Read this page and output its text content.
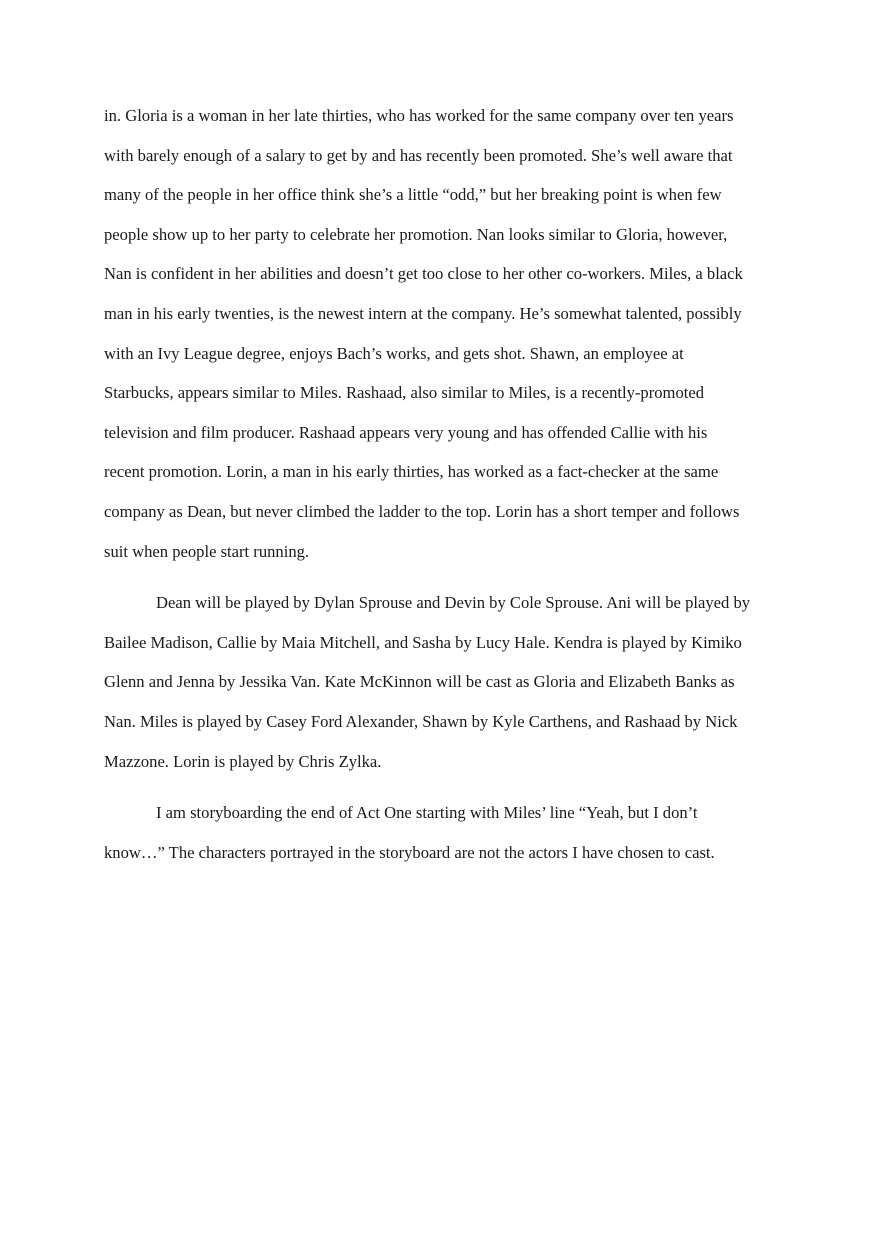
in. Gloria is a woman in her late thirties, who has worked for the same company over ten years
with barely enough of a salary to get by and has recently been promoted. She’s well aware that
many of the people in her office think she’s a little “odd,” but her breaking point is when few
people show up to her party to celebrate her promotion. Nan looks similar to Gloria, however,
Nan is confident in her abilities and doesn’t get too close to her other co-workers. Miles, a black
man in his early twenties, is the newest intern at the company. He’s somewhat talented, possibly
with an Ivy League degree, enjoys Bach’s works, and gets shot. Shawn, an employee at
Starbucks, appears similar to Miles. Rashaad, also similar to Miles, is a recently-promoted
television and film producer. Rashaad appears very young and has offended Callie with his
recent promotion. Lorin, a man in his early thirties, has worked as a fact-checker at the same
company as Dean, but never climbed the ladder to the top. Lorin has a short temper and follows
suit when people start running.
Dean will be played by Dylan Sprouse and Devin by Cole Sprouse. Ani will be played by
Bailee Madison, Callie by Maia Mitchell, and Sasha by Lucy Hale. Kendra is played by Kimiko
Glenn and Jenna by Jessika Van. Kate McKinnon will be cast as Gloria and Elizabeth Banks as
Nan. Miles is played by Casey Ford Alexander, Shawn by Kyle Carthens, and Rashaad by Nick
Mazzone. Lorin is played by Chris Zylka.
I am storyboarding the end of Act One starting with Miles’ line “Yeah, but I don’t
know…” The characters portrayed in the storyboard are not the actors I have chosen to cast.
